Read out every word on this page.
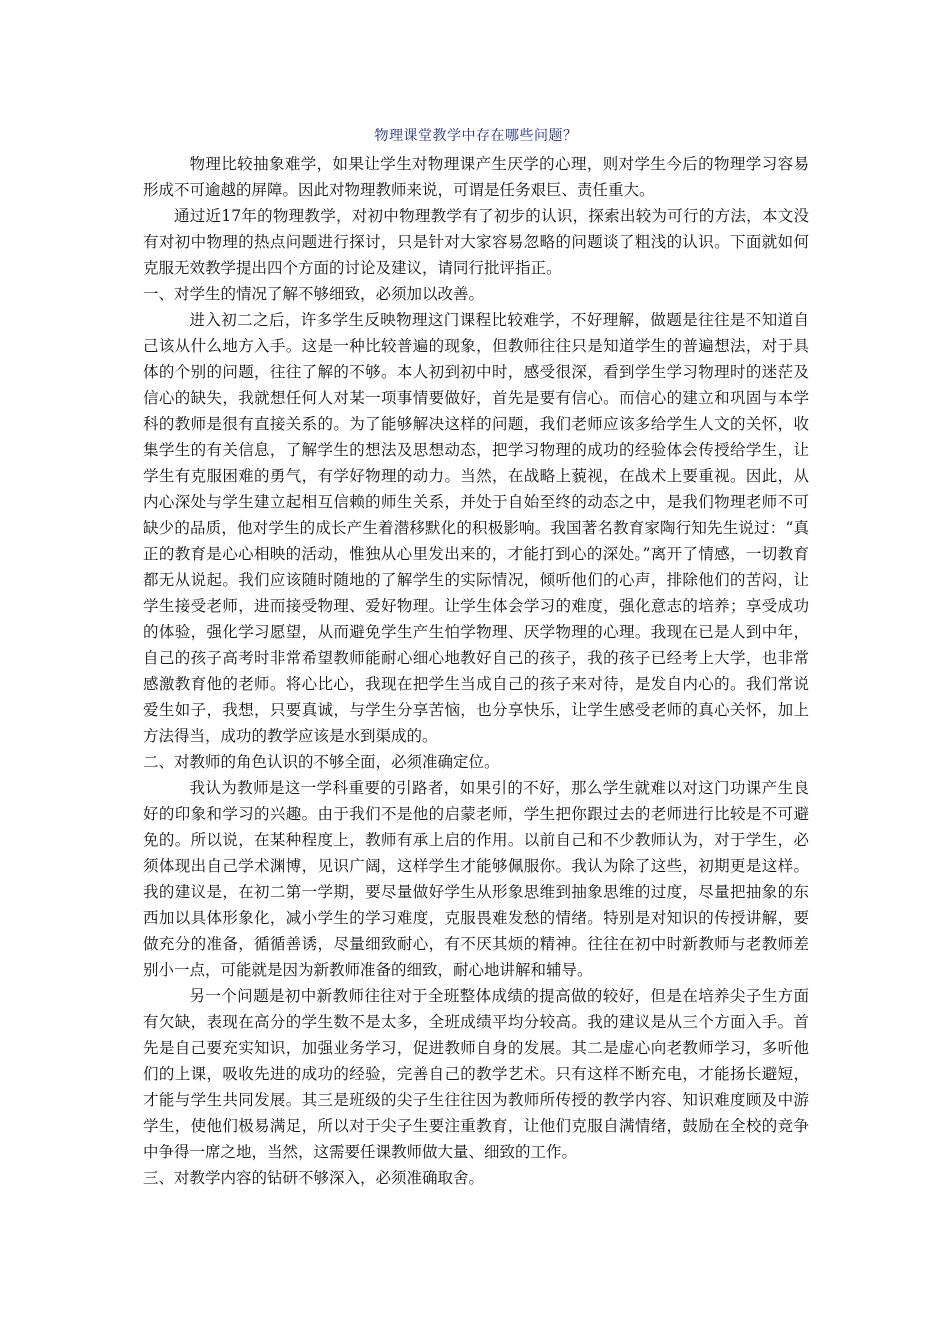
物理课堂教学中存在哪些问题？

物理比较抽象难学，如果让学生对物理课产生厌学的心理，则对学生今后的物理学习容易形成不可逾越的屏障。因此对物理教师来说，可谓是任务艰巨、责任重大。

通过近17年的物理教学，对初中物理教学有了初步的认识，探索出较为可行的方法，本文没有对初中物理的热点问题进行探讨，只是针对大家容易忽略的问题谈了粗浅的认识。下面就如何克服无效教学提出四个方面的讨论及建议，请同行批评指正。

一、对学生的情况了解不够细致，必须加以改善。

进入初二之后，许多学生反映物理这门课程比较难学，不好理解，做题是往往是不知道自己该从什么地方入手。这是一种比较普遍的现象，但教师往往只是知道学生的普遍想法，对于具体的个别的问题，往往了解的不够。本人初到初中时，感受很深，看到学生学习物理时的迷茫及信心的缺失，我就想任何人对某一项事情要做好，首先是要有信心。而信心的建立和巩固与本学科的教师是很有直接关系的。为了能够解决这样的问题，我们老师应该多给学生人文的关怀，收集学生的有关信息，了解学生的想法及思想动态，把学习物理的成功的经验体会传授给学生，让学生有克服困难的勇气，有学好物理的动力。当然，在战略上藐视，在战术上要重视。因此，从内心深处与学生建立起相互信赖的师生关系，并处于自始至终的动态之中，是我们物理老师不可缺少的品质，他对学生的成长产生着潜移默化的积极影响。我国著名教育家陶行知先生说过：“真正的教育是心心相映的活动，惟独从心里发出来的，才能打到心的深处。”离开了情感，一切教育都无从说起。我们应该随时随地的了解学生的实际情况，倾听他们的心声，排除他们的苦闷，让学生接受老师，进而接受物理、爱好物理。让学生体会学习的难度，强化意志的培养；享受成功的体验，强化学习愿望，从而避免学生产生怕学物理、厌学物理的心理。我现在已是人到中年，自己的孩子高考时非常希望教师能耐心细心地教好自己的孩子，我的孩子已经考上大学，也非常感激教育他的老师。将心比心，我现在把学生当成自己的孩子来对待，是发自内心的。我们常说爱生如子，我想，只要真诚，与学生分享苦恼，也分享快乐，让学生感受老师的真心关怀，加上方法得当，成功的教学应该是水到渠成的。

二、对教师的角色认识的不够全面，必须准确定位。

我认为教师是这一学科重要的引路者，如果引的不好，那么学生就难以对这门功课产生良好的印象和学习的兴趣。由于我们不是他的启蒙老师，学生把你跟过去的老师进行比较是不可避免的。所以说，在某种程度上，教师有承上启的作用。以前自己和不少教师认为，对于学生，必须体现出自己学术渊博，见识广阔，这样学生才能够佩服你。我认为除了这些，初期更是这样。我的建议是，在初二第一学期，要尽量做好学生从形象思维到抽象思维的过度，尽量把抽象的东西加以具体形象化，减小学生的学习难度，克服畏难发愁的情绪。特别是对知识的传授讲解，要做充分的准备，循循善诱，尽量细致耐心，有不厌其烦的精神。往往在初中时新教师与老教师差别小一点，可能就是因为新教师准备的细致，耐心地讲解和辅导。

另一个问题是初中新教师往往对于全班整体成绩的提高做的较好，但是在培养尖子生方面有欠缺，表现在高分的学生数不是太多，全班成绩平均分较高。我的建议是从三个方面入手。首先是自己要充实知识，加强业务学习，促进教师自身的发展。其二是虚心向老教师学习，多听他们的上课，吸收先进的成功的经验，完善自己的教学艺术。只有这样不断充电，才能扬长避短，才能与学生共同发展。其三是班级的尖子生往往因为教师所传授的教学内容、知识难度顾及中游学生，使他们极易满足，所以对于尖子生要注重教育，让他们克服自满情绪，鼓励在全校的竞争中争得一席之地，当然，这需要任课教师做大量、细致的工作。

三、对教学内容的钻研不够深入，必须准确取舍。
